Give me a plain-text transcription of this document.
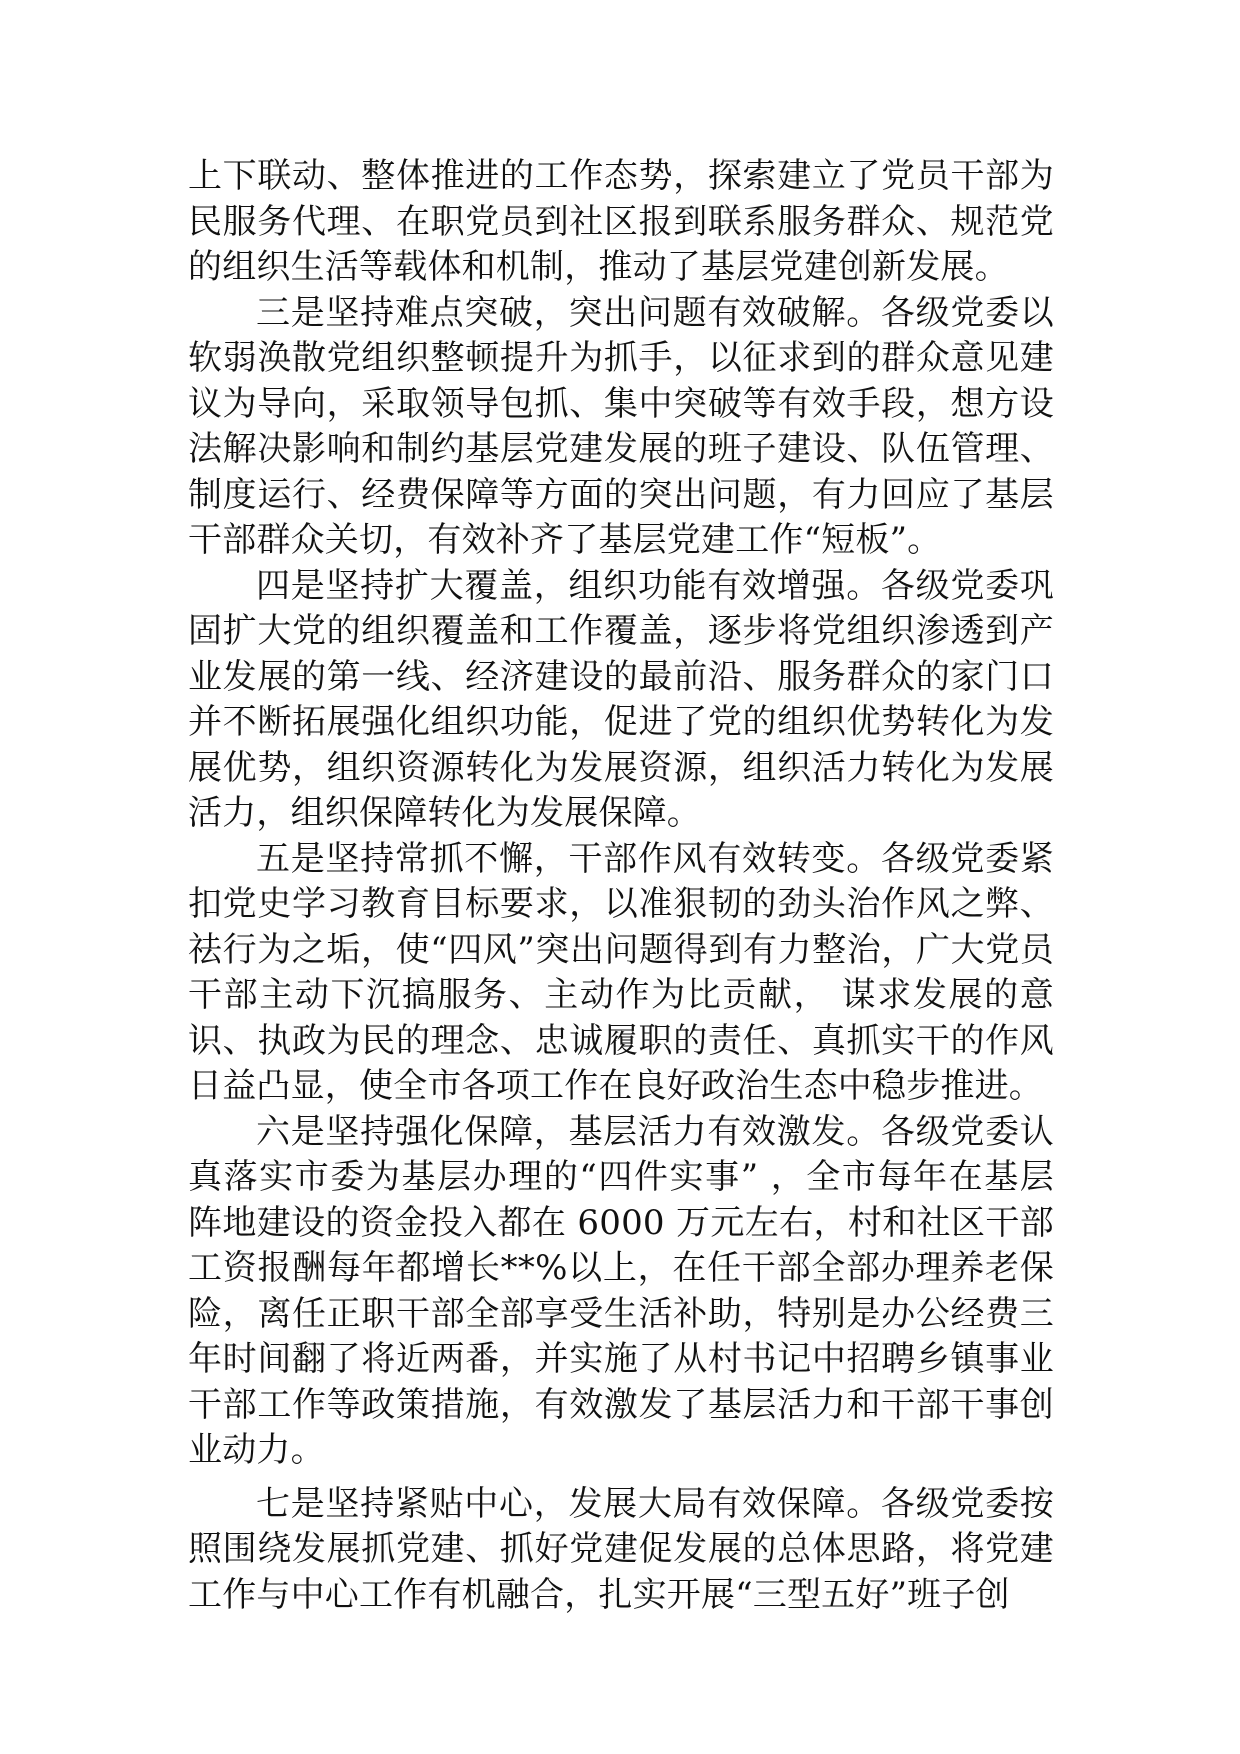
上下联动、整体推进的工作态势，探索建立了党员干部为民服务代理、在职党员到社区报到联系服务群众、规范党的组织生活等载体和机制，推动了基层党建创新发展。

三是坚持难点突破，突出问题有效破解。各级党委以软弱涣散党组织整顿提升为抓手，以征求到的群众意见建议为导向，采取领导包抓、集中突破等有效手段，想方设法解决影响和制约基层党建发展的班子建设、队伍管理、制度运行、经费保障等方面的突出问题，有力回应了基层干部群众关切，有效补齐了基层党建工作“短板”。

四是坚持扩大覆盖，组织功能有效增强。各级党委巩固扩大党的组织覆盖和工作覆盖，逐步将党组织渗透到产业发展的第一线、经济建设的最前沿、服务群众的家门口并不断拓展强化组织功能，促进了党的组织优势转化为发展优势，组织资源转化为发展资源，组织活力转化为发展活力，组织保障转化为发展保障。

五是坚持常抓不懈，干部作风有效转变。各级党委紧扣党史学习教育目标要求，以准狠韧的劲头治作风之弊、祛行为之垢，使“四风”突出问题得到有力整治，广大党员干部主动下沉搞服务、主动作为比贡献， 谋求发展的意识、执政为民的理念、忠诚履职的责任、真抓实干的作风日益凸显，使全市各项工作在良好政治生态中稳步推进。

六是坚持强化保障，基层活力有效激发。各级党委认真落实市委为基层办理的“四件实事” ，全市每年在基层阵地建设的资金投入都在 6000 万元左右，村和社区干部工资报酬每年都增长**%以上，在任干部全部办理养老保险，离任正职干部全部享受生活补助，特别是办公经费三年时间翻了将近两番，并实施了从村书记中招聘乡镇事业干部工作等政策措施，有效激发了基层活力和干部干事创业动力。

七是坚持紧贴中心，发展大局有效保障。各级党委按照围绕发展抓党建、抓好党建促发展的总体思路，将党建工作与中心工作有机融合，扎实开展“三型五好”班子创
